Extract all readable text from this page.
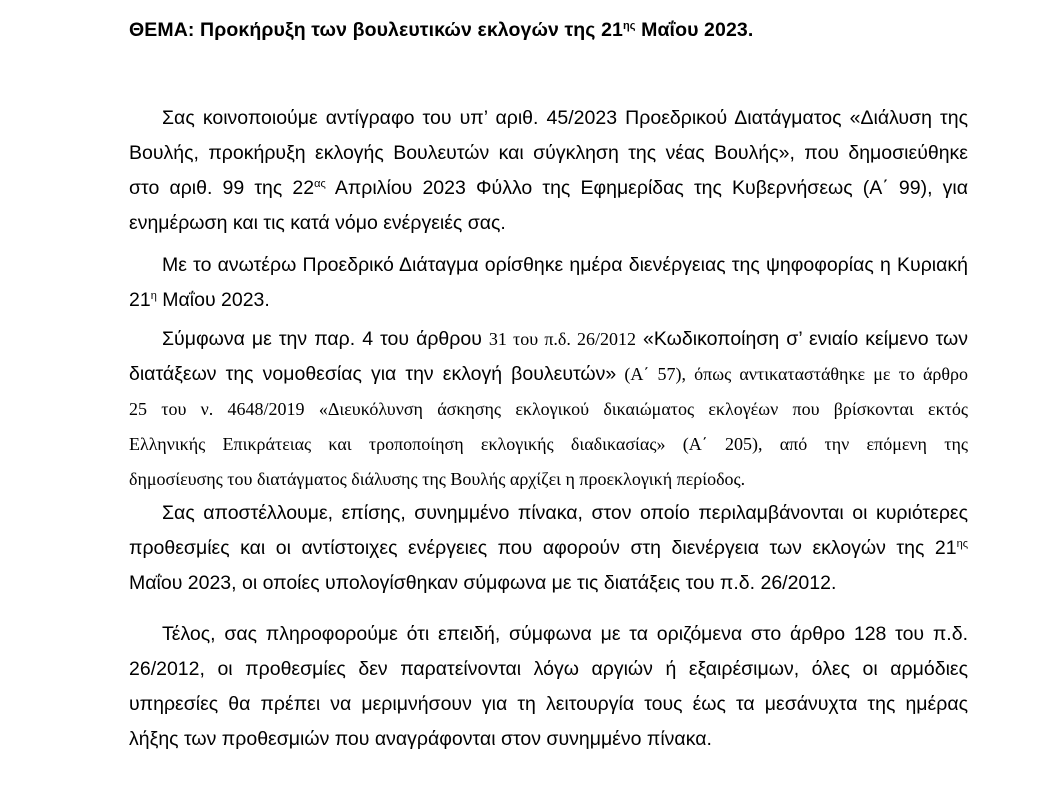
ΘΕΜΑ: Προκήρυξη των βουλευτικών εκλογών της $21^{\eta\varsigma}$ Μαΐου 2023.
Σας κοινοποιούμε αντίγραφο του υπ’ αριθ. 45/2023 Προεδρικού Διατάγματος «Διάλυση της
Βουλής, προκήρυξη εκλογής Βουλευτών και σύγκληση της νέας Βουλής», που δημοσιεύθηκε
στο αριθ. 99 της $22^{\alpha\varsigma}$ Απριλίου 2023 Φύλλο της Εφημερίδας της Κυβερνήσεως (Α΄ 99), για
ενημέρωση και τις κατά νόμο ενέργειές σας.
Με το ανωτέρω Προεδρικό Διάταγμα ορίσθηκε ημέρα διενέργειας της ψηφοφορίας η Κυριακή
$21^\eta$ Μαΐου 2023.
Σύμφωνα με την παρ. 4 του άρθρου 31 του π.δ. 26/2012 «Κωδικοποίηση σ’ ενιαίο κείμενο των
διατάξεων της νομοθεσίας για την εκλογή βουλευτών» (Α΄ 57), όπως αντικαταστάθηκε με το άρθρο
25 του ν. 4648/2019 «Διευκόλυνση άσκησης εκλογικού δικαιώματος εκλογέων που βρίσκονται εκτός
Ελληνικής Επικράτειας και τροποποίηση εκλογικής διαδικασίας» (Α΄ 205), από την επόμενη της
δημοσίευσης του διατάγματος διάλυσης της Βουλής αρχίζει η προεκλογική περίοδος.
Σας αποστέλλουμε, επίσης, συνημμένο πίνακα, στον οποίο περιλαμβάνονται οι κυριότερες
προθεσμίες και οι αντίστοιχες ενέργειες που αφορούν στη διενέργεια των εκλογών της $21^{\eta\varsigma}$
Μαΐου 2023, οι οποίες υπολογίσθηκαν σύμφωνα με τις διατάξεις του π.δ. 26/2012.
Τέλος, σας πληροφορούμε ότι επειδή, σύμφωνα με τα οριζόμενα στο άρθρο 128 του π.δ.
26/2012, οι προθεσμίες δεν παρατείνονται λόγω αργιών ή εξαιρέσιμων, όλες οι αρμόδιες
υπηρεσίες θα πρέπει να μεριμνήσουν για τη λειτουργία τους έως τα μεσάνυχτα της ημέρας
λήξης των προθεσμιών που αναγράφονται στον συνημμένο πίνακα.
